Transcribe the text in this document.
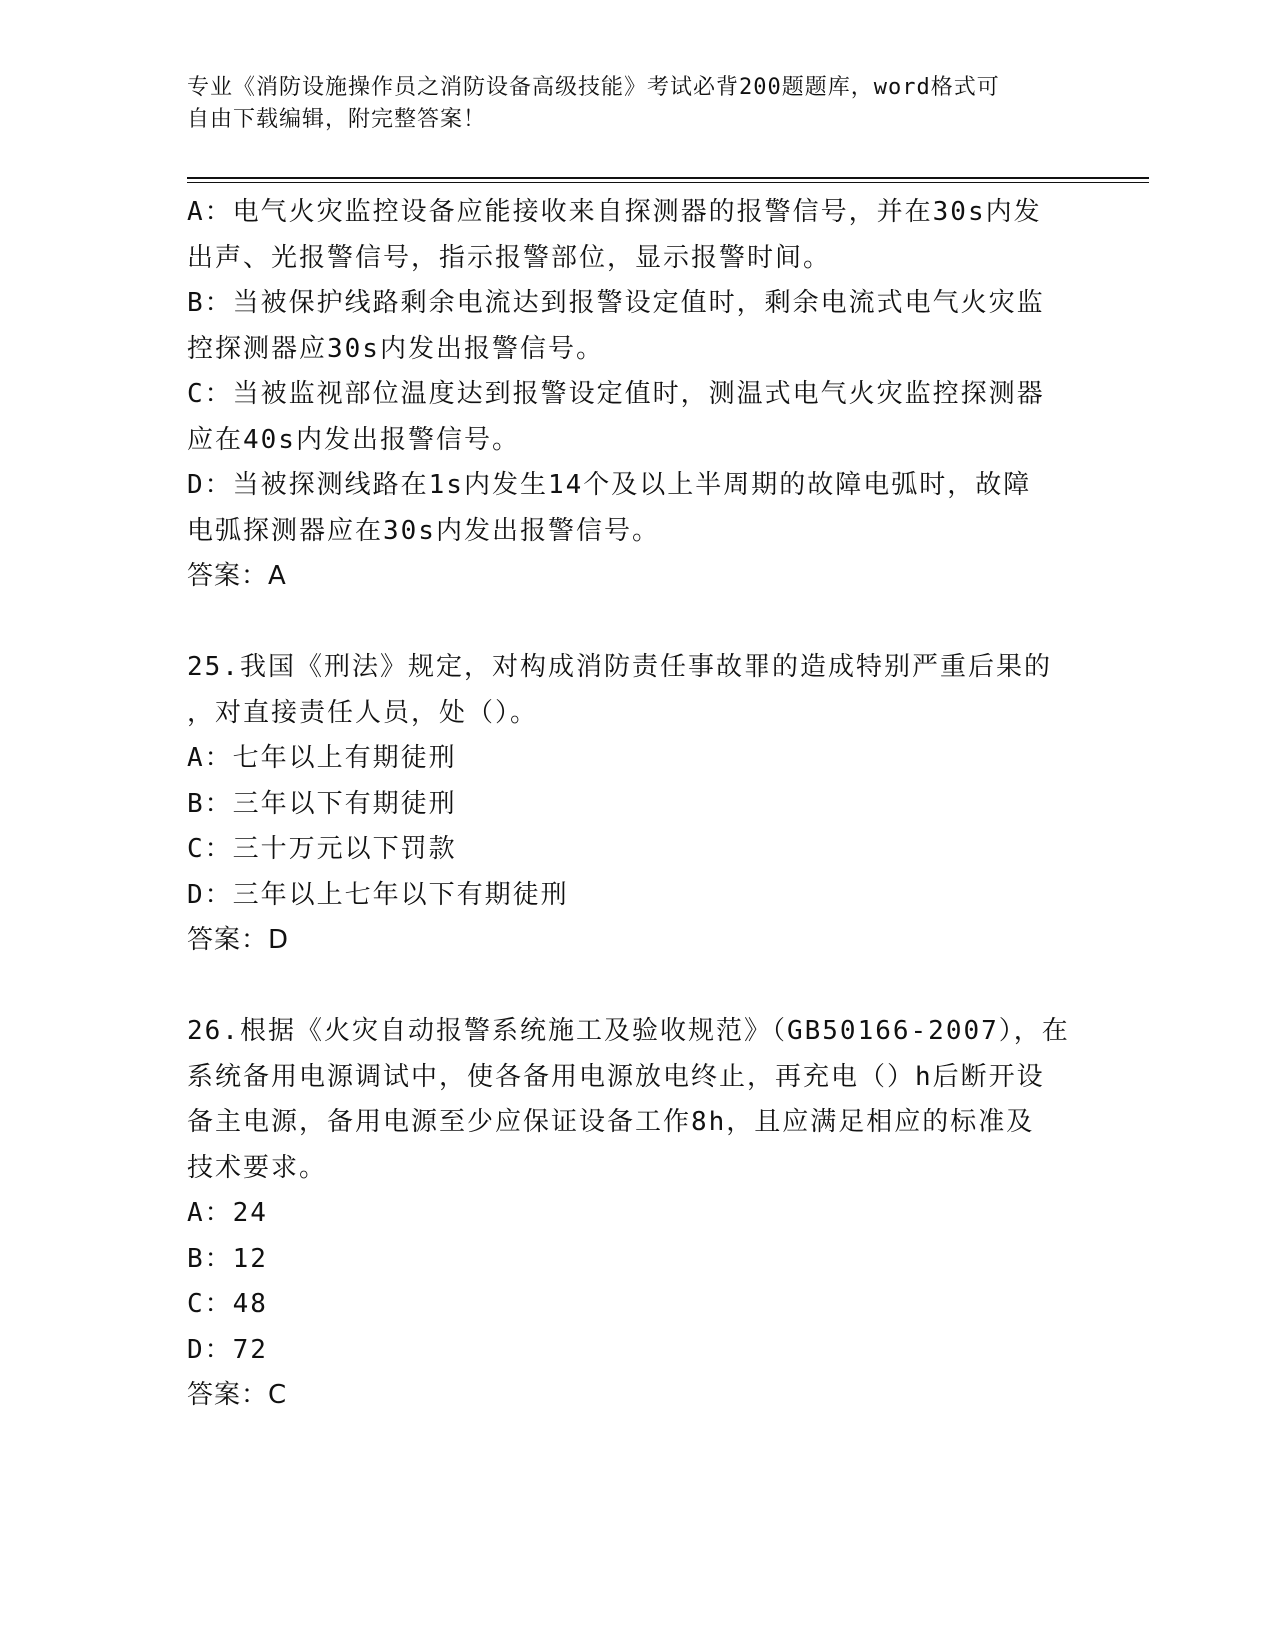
专业《消防设施操作员之消防设备高级技能》考试必背200题题库，word格式可
自由下载编辑，附完整答案！
A：电气火灾监控设备应能接收来自探测器的报警信号，并在30s内发
出声、光报警信号，指示报警部位，显示报警时间。
B：当被保护线路剩余电流达到报警设定值时，剩余电流式电气火灾监
控探测器应30s内发出报警信号。
C：当被监视部位温度达到报警设定值时，测温式电气火灾监控探测器
应在40s内发出报警信号。
D：当被探测线路在1s内发生14个及以上半周期的故障电弧时，故障
电弧探测器应在30s内发出报警信号。
答案：A
25.我国《刑法》规定，对构成消防责任事故罪的造成特别严重后果的
，对直接责任人员，处（）。
A：七年以上有期徒刑
B：三年以下有期徒刑
C：三十万元以下罚款
D：三年以上七年以下有期徒刑
答案：D
26.根据《火灾自动报警系统施工及验收规范》（GB50166-2007），在
系统备用电源调试中，使各备用电源放电终止，再充电（）h后断开设
备主电源，备用电源至少应保证设备工作8h，且应满足相应的标准及
技术要求。
A：24
B：12
C：48
D：72
答案：C
